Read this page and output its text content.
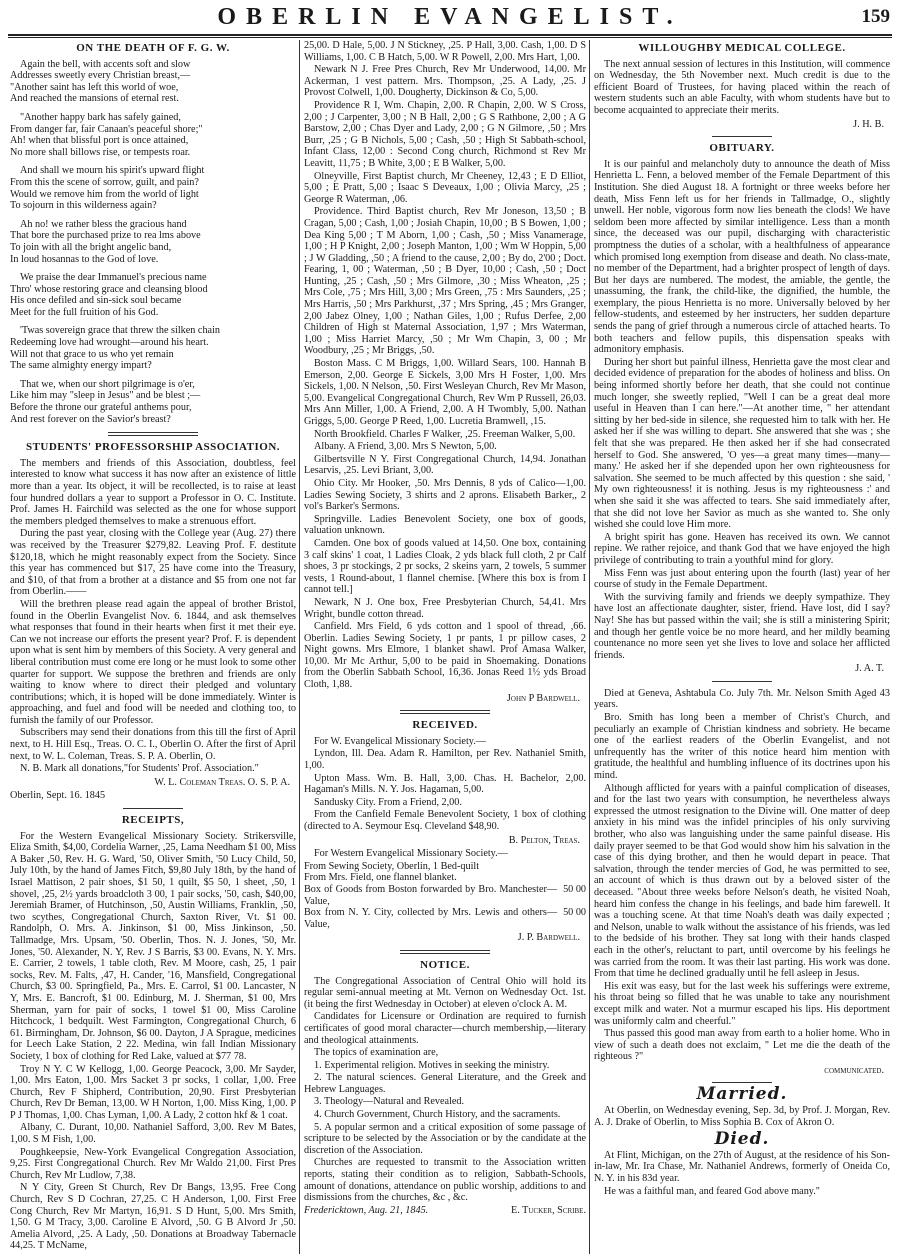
OBERLIN EVANGELIST.	159
ON THE DEATH OF F. G. W.

Again the bell, with accents soft and slow
Addresses sweetly every Christian breast,—
"Another saint has left this world of woe,
And reached the mansions of eternal rest.

"Another happy bark has safely gained,
From danger far, fair Canaan's peaceful shore;"
Ah! when that blissful port is once attained,
No more shall billows rise, or tempests roar.

And shall we mourn his spirit's upward flight
From this the scene of sorrow, guilt, and pain?
Would we remove him from the world of light
To sojourn in this wilderness again?

Ah no! we rather bless the gracious hand
That bore the purchased prize to rea lms above
To join with all the bright angelic band,
In loud hosannas to the God of love.

We praise the dear Immanuel's precious name
Thro' whose restoring grace and cleansing blood
His once defiled and sin-sick soul became
Meet for the full fruition of his God.

'Twas sovereign grace that threw the silken chain
Redeeming love had wrought—around his heart.
Will not that grace to us who yet remain
The same almighty energy impart?

That we, when our short pilgrimage is o'er,
Like him may "sleep in Jesus" and be blest ;—
Before the throne our grateful anthems pour,
And rest forever on the Savior's breast?

STUDENTS' PROFESSORSHIP ASSOCIATION.

The members and friends of this Association, doubtless, feel interested to know what success it has now after an existence of little more than a year. Its object, it will be recollected, is to raise at least four hundred dollars a year to support a Professor in O. C. Institute. Prof. James H. Fairchild was selected as the one for whose support the members pledged themselves to make a strenuous effort.

During the past year, closing with the College year (Aug. 27) there was received by the Treasurer $279,82. Leaving Prof. F. destitute $120,18, which he might reasonably expect from the Society. Since this year has commenced but $17, 25 have come into the Treasury, and $10, of that from a brother at a distance and $5 from one not far from Oberlin.——

Will the brethren please read again the appeal of brother Bristol, found in the Oberlin Evangelist Nov. 6. 1844, and ask themselves what responses that found in their hearts when first it met their eye. Can we not increase our efforts the present year? Prof. F. is dependent upon what is sent him by members of this Society. A very general and liberal contribution must come ere long or he must look to some other quarter for support. We suppose the brethren and friends are only waiting to know where to direct their pledged and voluntary contributions; which, it is hoped will be done immediately. Winter is approaching, and fuel and food will be needed and clothing too, to furnish the family of our Professor.

Subscribers may send their donations from this till the first of April next, to H. Hill Esq., Treas. O. C. I., Oberlin O. After the first of April next, to W. L. Coleman, Treas. S. P. A. Oberlin, O.

N. B. Mark all donations,"for Students' Prof. Association."

W. L. Coleman Treas. O. S. P. A.

Oberlin, Sept. 16. 1845

RECEIPTS,

For the Western Evangelical Missionary Society. Strikersville, Eliza Smith, $4,00, Cordelia Warner, ,25, Lama Needham $1 00, Miss A Baker ,50, Rev. H. G. Ward, '50, Oliver Smith, '50 Lucy Child, 50, July 10th, by the hand of James Fitch, $9,80 July 18th, by the hand of Israel Mattison, 2 pair shoes, $1 50, 1 quilt, $5 50, 1 sheet, ,50, 1 shovel, ,25, 2½ yards broadcloth 3 00, 1 pair socks, '50, cash, $40,00, Jeremiah Bramer, of Hutchinson, ,50, Austin Williams, Franklin, ,50, two scythes, Congregational Church, Saxton River, Vt. $1 00. Randolph, O. Mrs. A. Jinkinson, $1 00, Miss Jinkinson, ,50. Tallmadge, Mrs. Upsam, '50. Oberlin, Thos. N. J. Jones, '50, Mr. Jones, '50. Alexander, N. Y, Rev. J S Barris, $3 00. Evans, N. Y. Mrs. E. Carrier, 2 towels, 1 table cloth, Rev. M Moore, cash, 25, 1 pair socks, Rev. M. Falts, ,47, H. Cander, '16, Mansfield, Congregational Church, $3 00. Springfield, Pa., Mrs. E. Carrol, $1 00. Lancaster, N Y, Mrs. E. Bancroft, $1 00. Edinburg, M. J. Sherman, $1 00, Mrs Sherman, yarn for pair of socks, 1 towel $1 00, Miss Caroline Hitchcock, 1 bedquilt. West Farmington, Congregational Church, 6 61. Birmingham, Dr. Johnson, $6 00. Dayton, J A Sprague, medicines for Leech Lake Station, 2 22. Medina, win fall Indian Missionary Society, 1 box of clothing for Red Lake, valued at $77 78.

Troy N Y. C W Kellogg, 1,00. George Peacock, 3,00. Mr Sayder, 1,00. Mrs Eaton, 1,00. Mrs Sacket 3 pr socks, 1 collar, 1,00. Free Church, Rev F Shipherd, Contribution, 20,90. First Presbyterian Church, Rev Dr Beman, 13,00. W H Norton, 1,00. Miss King, 1,00. P P J Thomas, 1,00. Chas Lyman, 1,00. A Lady, 2 cotton hkf & 1 coat.

Albany, C. Durant, 10,00. Nathaniel Safford, 3,00. Rev M Bates, 1,00. S M Fish, 1,00.

Poughkeepsie, New-York Evangelical Congregation Association, 9,25. First Congregational Church. Rev Mr Waldo 21,00. First Pres Church, Rev Mr Ludlow, 7,38.

N Y City, Green St Church, Rev Dr Bangs, 13,95. Free Cong Church, Rev S D Cochran, 27,25. C H Anderson, 1,00. First Free Cong Church, Rev Mr Martyn, 16,91. S D Hunt, 5,00. Mrs Smith, 1,50. G M Tracy, 3,00. Caroline E Alvord, ,50. G B Alvord Jr ,50. Amelia Alvord, ,25. A Lady, ,50. Donations at Broadway Tabernacle 44,25. T McName,

25,00. D Hale, 5,00. J N Stickney, ,25. P Hall, 3,00. Cash, 1,00. D S Williams, 1,00. C B Hatch, 5,00. W R Powell, 2,00. Mrs Hart, 1,00.

Newark N J. Free Pres Church, Rev Mr Underwood, 14,00. Mr Ackerman, 1 vest pattern. Mrs. Thompson, ,25. A Lady, ,25. J Provost Colwell, 1,00. Dougherty, Dickinson & Co, 5,00.

Providence R I, Wm. Chapin, 2,00. R Chapin, 2,00. W S Cross, 2,00 ; J Carpenter, 3,00 ; N B Hall, 2,00 ; G S Rathbone, 2,00 ; A G Barstow, 2,00 ; Chas Dyer and Lady, 2,00 ; G N Gilmore, ,50 ; Mrs Burr, ,25 ; G B Nichols, 5,00 ; Cash, ,50 ; High St Sabbath-school, Infant Class, 12,00 : Second Cong church, Richmond st Rev Mr Leavitt, 11,75 ; B White, 3,00 ; E B Walker, 5,00.

Olneyville, First Baptist church, Mr Cheeney, 12,43 ; E D Elliot, 5,00 ; E Pratt, 5,00 ; Isaac S Deveaux, 1,00 ; Olivia Marcy, ,25 ; George R Waterman, ,06.

Providence. Third Baptist church, Rev Mr Joneson, 13,50 ; B Cragan, 5,00 ; Cash, 1,00 ; Josiah Chapin, 10,00 ; B S Bowen, 1,00 ; Dea King 5,00 ; T M Aborn, 1,00 ; Cash, ,50 ; Miss Vanamerage, 1,00 ; H P Knight, 2,00 ; Joseph Manton, 1,00 ; Wm W Hoppin, 5,00 ; J W Gladding, ,50 ; A friend to the cause, 2,00 ; By do, 2'00 ; Doct. Fearing, 1, 00 ; Waterman, ,50 ; B Dyer, 10,00 ; Cash, ,50 ; Doct Hunting, ,25 ; Cash, ,50 ; Mrs Gilmore, ,30 ; Miss Wheaton, ,25 ; Mrs Cole, ,75 ; Mrs Hill, 3,00 ; Mrs Green, ,75 : Mrs Saunders, ,25 ; Mrs Harris, ,50 ; Mrs Parkhurst, ,37 ; Mrs Spring, ,45 ; Mrs Granger, 2,00 Jabez Olney, 1,00 ; Nathan Giles, 1,00 ; Rufus Derfee, 2,00 Children of High st Maternal Association, 1,97 ; Mrs Waterman, 1,00 ; Miss Harriet Marcy, ,50 ; Mr Wm Chapin, 3, 00 ; Mr Woodbury, ,25 ; Mr Briggs, ,50.

Boston Mass. C M Briggs, 1,00. Willard Sears, 100. Hannah B Emerson, 2,00. George E Sickels, 3,00 Mrs H Foster, 1,00. Mrs Sickels, 1,00. N Nelson, ,50. First Wesleyan Church, Rev Mr Mason, 5,00. Evangelical Congregational Church, Rev Wm P Russell, 26,03. Mrs Ann Miller, 1,00. A Friend, 2,00. A H Twombly, 5,00. Nathan Griggs, 5,00. George P Reed, 1,00. Lucretia Bramwell, ,15.

North Brookfield. Charles F Walker, ,25. Freeman Walker, 5,00.

Albany. A Friend, 3,00. Mrs S Newton, 5,00.

Gilbertsville N Y. First Congregational Church, 14,94. Jonathan Lesarvis, ,25. Levi Briant, 3,00.

Ohio City. Mr Hooker, ,50. Mrs Dennis, 8 yds of Calico—1,00. Ladies Sewing Society, 3 shirts and 2 aprons. Elisabeth Barker,, 2 vol's Barker's Sermons.

Springville. Ladies Benevolent Society, one box of goods, valuation unknown.

Camden. One box of goods valued at 14,50. One box, containing 3 calf skins' 1 coat, 1 Ladies Cloak, 2 yds black full cloth, 2 pr Calf shoes, 3 pr stockings, 2 pr socks, 2 skeins yarn, 2 towels, 5 summer vests, 1 Round-about, 1 flannel chemise. [Where this box is from I cannot tell.]

Newark, N J. One box, Free Presbyterian Church, 54,41. Mrs Wright, bundle cotton thread.

Canfield. Mrs Field, 6 yds cotton and 1 spool of thread, ,66. Oberlin. Ladies Sewing Society, 1 pr pants, 1 pr pillow cases, 2 Night gowns. Mrs Elmore, 1 blanket shawl. Prof Amasa Walker, 10,00. Mr Mc Arthur, 5,00 to be paid in Shoemaking. Donations from the Oberlin Sabbath School, 16,36. Jonas Reed 1½ yds Broad Cloth, 1,88.

John P Bardwell.
RECEIVED.

For W. Evangelical Missionary Society.—

Lyndon, Ill. Dea. Adam R. Hamilton, per Rev. Nathaniel Smith, 1,00.

Upton Mass. Wm. B. Hall, 3,00. Chas. H. Bachelor, 2,00. Hagaman's Mills. N. Y. Jos. Hagaman, 5,00.

Sandusky City. From a Friend, 2,00.

From the Canfield Female Benevolent Society, 1 box of clothing (directed to A. Seymour Esq. Cleveland $48,90.

B. Pelton, Treas.

For Western Evangelical Missionary Society.—

From Sewing Society, Oberlin, 1 Bed-quilt
From Mrs. Field, one flannel blanket.
Box of Goods from Boston forwarded by Bro. Manchester—Value,
50 00
Box from N. Y. City, collected by Mrs. Lewis and others—Value,
50 00
J. P. Bardwell.
NOTICE.

The Congregational Association of Central Ohio will hold its regular semi-annual meeting at Mt. Vernon on Wednesday Oct. 1st. (it being the first Wednesday in October) at eleven o'clock A. M.

Candidates for Licensure or Ordination are required to furnish certificates of good moral character—church membership,—literary and theological attainments.

The topics of examination are,

1. Experimental religion. Motives in seeking the ministry.

2. The natural sciences. General Literature, and the Greek and Hebrew Languages.

3. Theology—Natural and Revealed.

4. Church Government, Church History, and the sacraments.

5. A popular sermon and a critical exposition of some passage of scripture to be selected by the Association or by the candidate at the discretion of the Association.

Churches are requested to transmit to the Association written reports, stating their condition as to religion, Sabbath-Schools, amount of donations, attendance on public worship, additions to and dismissions from the churches, &c , &c.

Fredericktown, Aug. 21, 1845.	E. Tucker, Scribe.
WILLOUGHBY MEDICAL COLLEGE.

The next annual session of lectures in this Institution, will commence on Wednesday, the 5th November next. Much credit is due to the efficient Board of Trustees, for having placed within the reach of western students such an able Faculty, with whom students have but to become acquainted to appreciate their merits.

J. H. B.
OBITUARY.

It is our painful and melancholy duty to announce the death of Miss Henrietta L. Fenn, a beloved member of the Female Department of this Institution. She died August 18. A fortnight or three weeks before her death, Miss Fenn left us for her friends in Tallmadge, O., slightly unwell. Her noble, vigorous form now lies beneath the clods! We have seldom been more affected by similar intelligence. Less than a month since, the deceased was our pupil, discharging with characteristic promptness the duties of a scholar, with a healthfulness of appearance which promised long exemption from disease and death. No class-mate, no member of the Department, had a brighter prospect of length of days. But her days are numbered. The modest, the amiable, the gentle, the unassuming, the frank, the child-like, the dignified, the humble, the exemplary, the pious Henrietta is no more. Universally beloved by her fellow-students, and esteemed by her instructers, her sudden departure sends the pang of grief through a numerous circle of attached hearts. To both teachers and fellow pupils, this dispensation speaks with admonitory emphasis.

During her short but painful illness, Henrietta gave the most clear and decided evidence of preparation for the abodes of holiness and bliss. On being informed shortly before her death, that she could not continue much longer, she sweetly replied, "Well I can be a great deal more useful in Heaven than I can here."—At another time, " her attendant sitting by her bed-side in silence, she requested him to talk with her. He asked her if she was willing to depart. She answered that she was ; she felt that she was prepared. He then asked her if she had consecrated herself to God. She answered, 'O yes—a great many times—many—many.' He asked her if she depended upon her own righteousness for salvation. She seemed to be much affected by this question : she said, ' My own righteousness! it is nothing. Jesus is my righteousness :' and when she said it she was affected to tears. She said immediately after, that she did not love her Savior as much as she wanted to. She only wished she could love Him more.

A bright spirit has gone. Heaven has received its own. We cannot repine. We rather rejoice, and thank God that we have enjoyed the high privilege of contributing to train a youthful mind for glory.

Miss Fenn was just about entering upon the fourth (last) year of her course of study in the Female Department.

With the surviving family and friends we deeply sympathize. They have lost an affectionate daughter, sister, friend. Have lost, did I say? Nay! She has but passed within the vail; she is still a ministering Spirit; and though her gentle voice be no more heard, and her mildly beaming countenance no more seen yet she lives to love and solace her afflicted friends.

J. A. T.

Died at Geneva, Ashtabula Co. July 7th. Mr. Nelson Smith Aged 43 years.

Bro. Smith has long been a member of Christ's Church, and peculiarly an example of Christian kindness and sobriety. He became one of the earliest readers of the Oberlin Evangelist, and not unfrequently has the writer of this notice heard him mention with gratitude, the healthful and humbling influence of its doctrines upon his mind.

Although afflicted for years with a painful complication of diseases, and for the last two years with consumption, he nevertheless always expressed the utmost resignation to the Divine will. One matter of deep anxiety in his mind was the infidel principles of his only surviving brother, who also was languishing under the same painful disease. His daily prayer seemed to be that God would show him his salvation in the case of this dying brother, and then he would depart in peace. That salvation, through the tender mercies of God, he was permitted to see, an account of which is thus drawn out by a beloved sister of the deceased. "About three weeks before Nelson's death, he visited Noah, heard him confess the change in his feelings, and bade him farewell. It was a touching scene. At that time Noah's death was daily expected ; and Nelson, unable to walk without the assistance of his friends, was led to the bedside of his brother. They sat long with their hands clasped each in the other's, reluctant to part, until overcome by his feelings he was carried from the room. It was their last parting. His work was done. From that time he declined gradually until he fell asleep in Jesus.

His exit was easy, but for the last week his sufferings were extreme, his throat being so filled that he was unable to take any nourishment except milk and water. Not a murmur escaped his lips. His deportment was uniformly calm and cheerful."

Thus passed this good man away from earth to a holier home. Who in view of such a death does not exclaim, " Let me die the death of the righteous ?"

communicated.
Married.

At Oberlin, on Wednesday evening, Sep. 3d, by Prof. J. Morgan, Rev. A. J. Drake of Oberlin, to Miss Sophia B. Cox of Akron O.

Died.

At Flint, Michigan, on the 27th of August, at the residence of his Son-in-law, Mr. Ira Chase, Mr. Nathaniel Andrews, formerly of Oneida Co, N. Y. in his 83d year.

He was a faithful man, and feared God above many."
